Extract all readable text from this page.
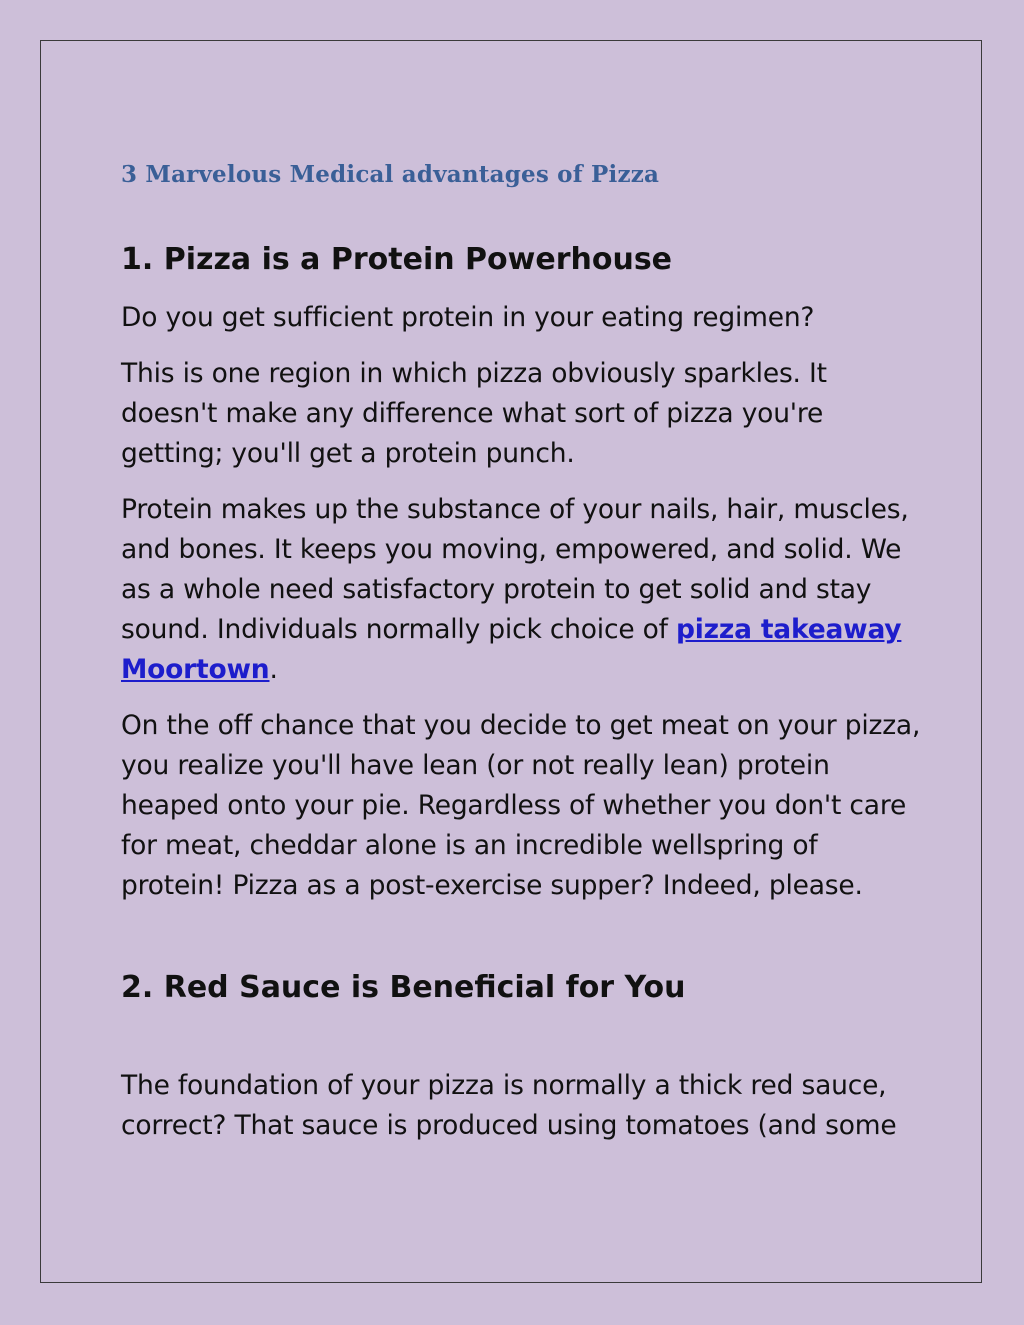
3 Marvelous Medical advantages of Pizza
1. Pizza is a Protein Powerhouse

Do you get sufficient protein in your eating regimen?

This is one region in which pizza obviously sparkles. It doesn't make any difference what sort of pizza you're getting; you'll get a protein punch.

Protein makes up the substance of your nails, hair, muscles, and bones. It keeps you moving, empowered, and solid. We as a whole need satisfactory protein to get solid and stay sound. Individuals normally pick choice of pizza takeaway Moortown.

On the off chance that you decide to get meat on your pizza, you realize you'll have lean (or not really lean) protein heaped onto your pie. Regardless of whether you don't care for meat, cheddar alone is an incredible wellspring of protein! Pizza as a post-exercise supper? Indeed, please.

2. Red Sauce is Beneficial for You

The foundation of your pizza is normally a thick red sauce, correct? That sauce is produced using tomatoes (and some
